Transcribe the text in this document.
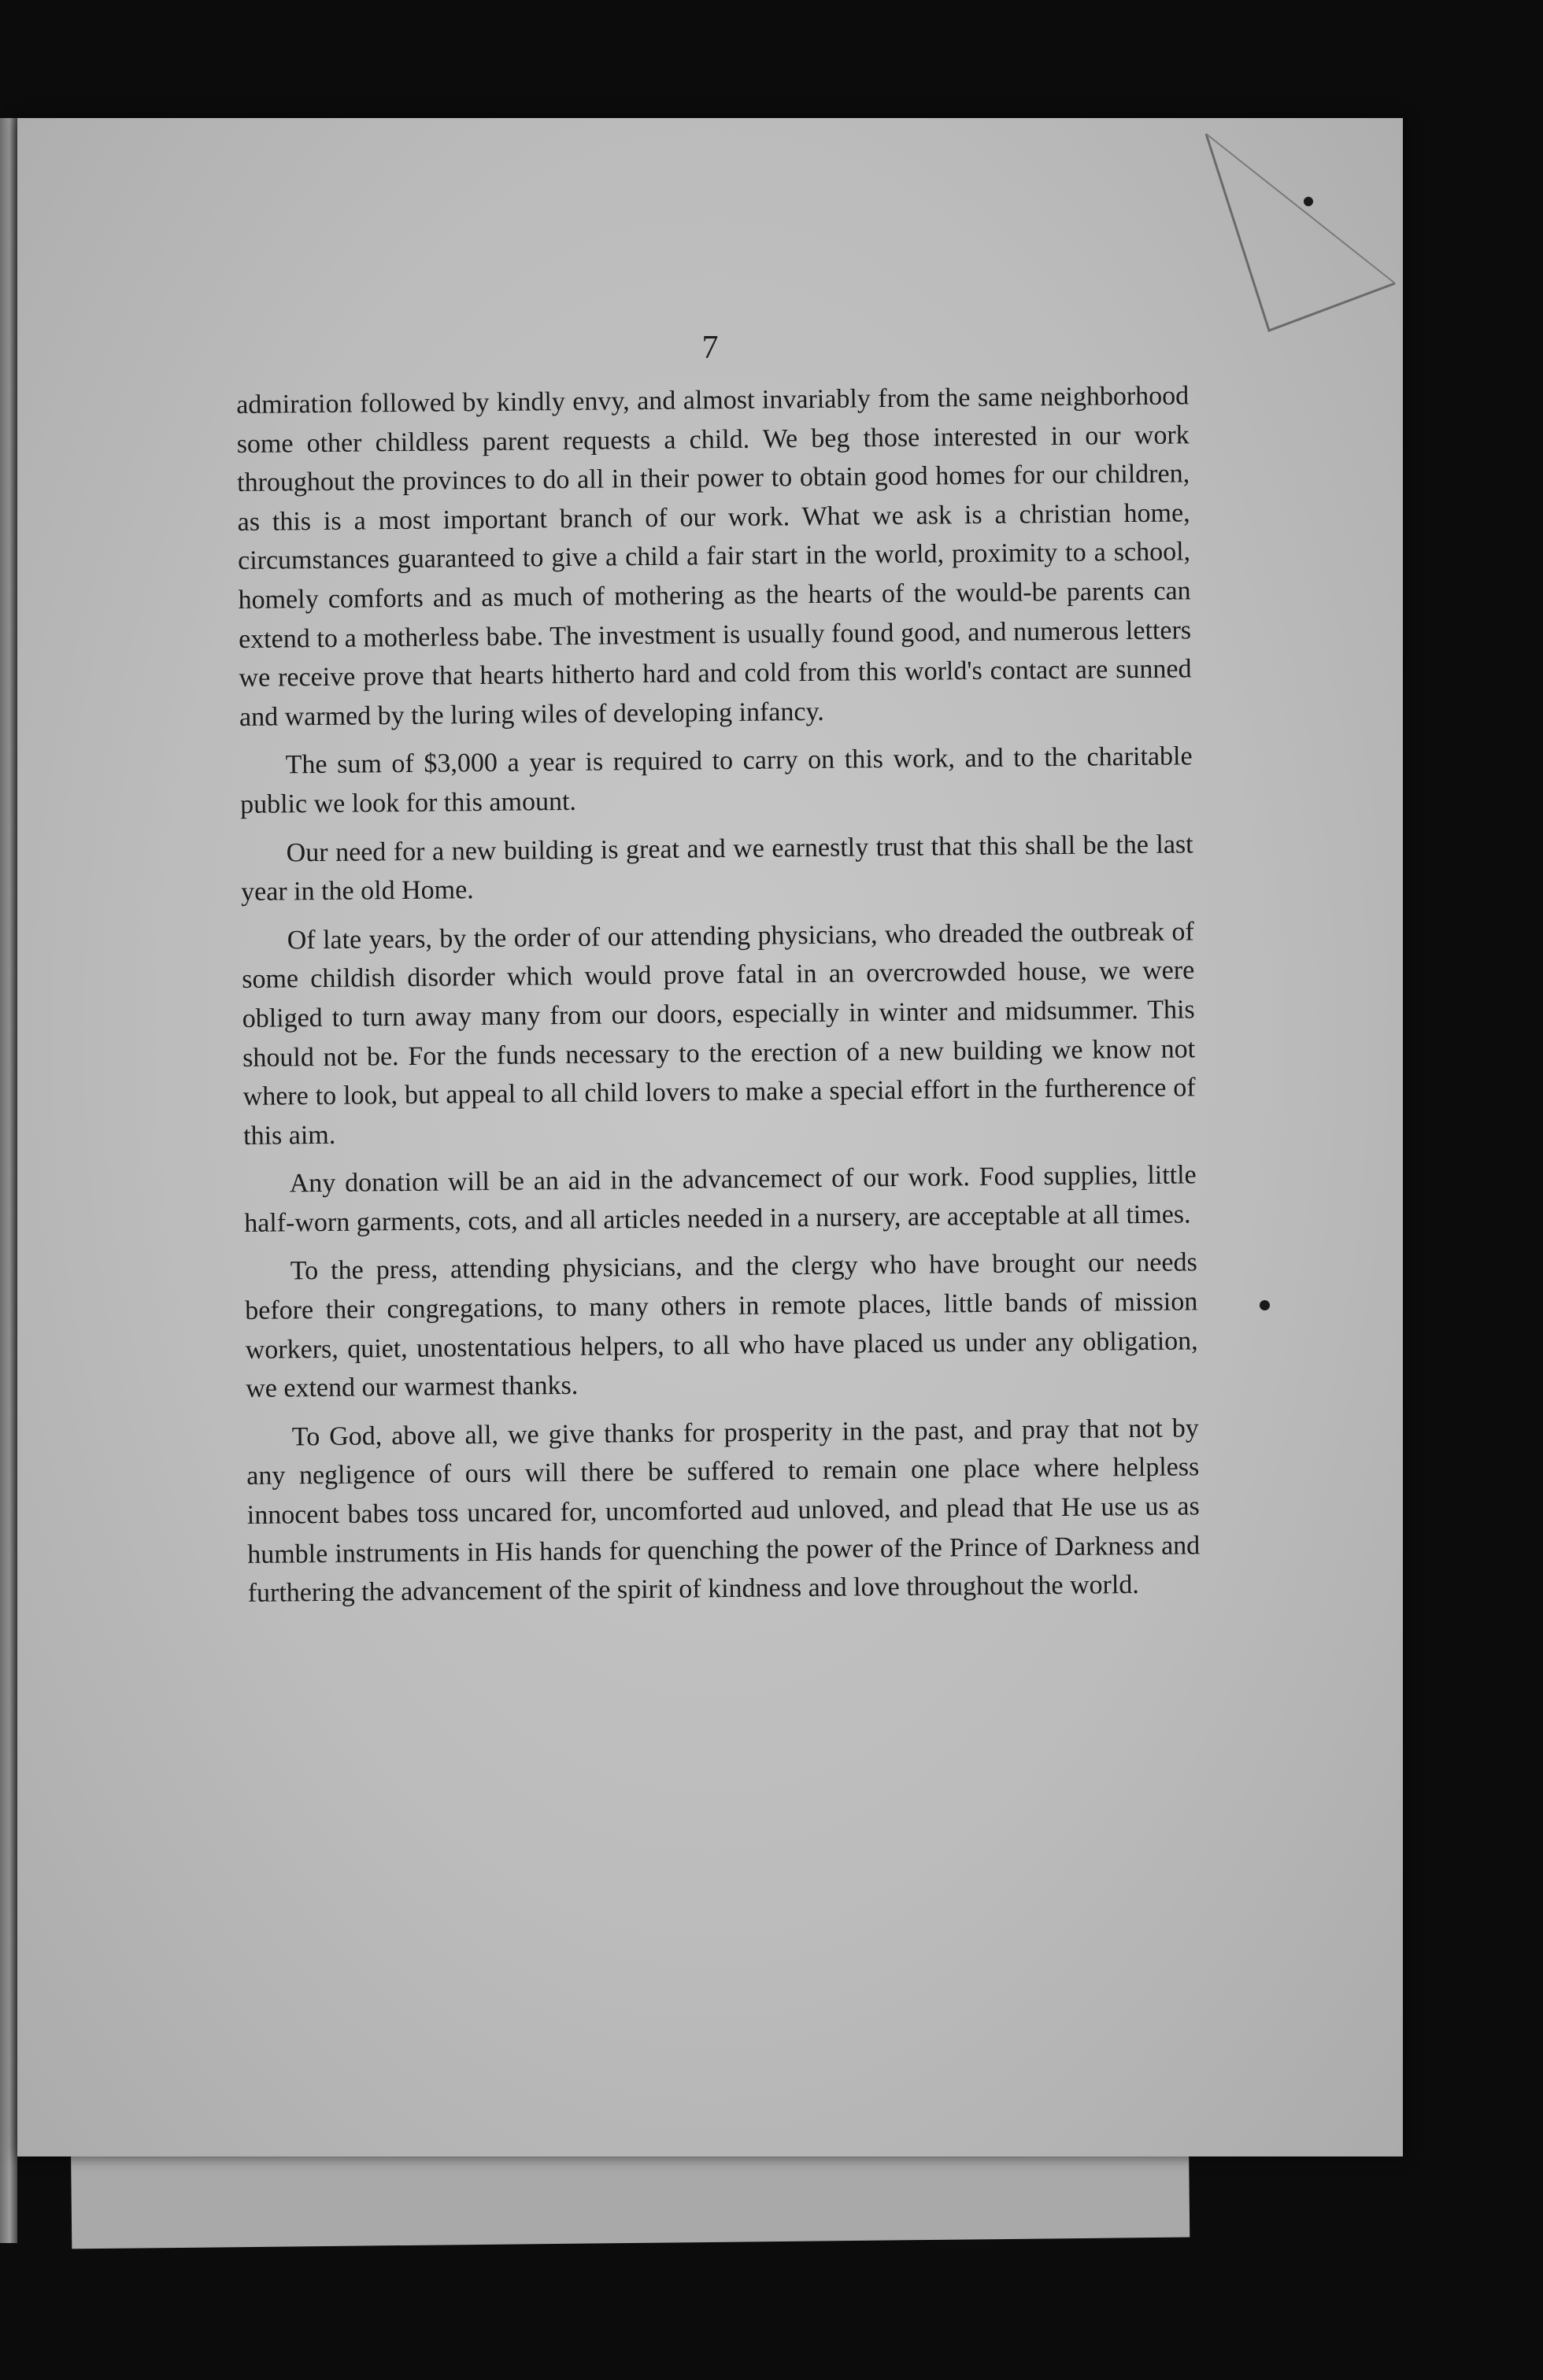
7

admiration followed by kindly envy, and almost invariably from the same neighborhood some other childless parent requests a child. We beg those interested in our work throughout the provinces to do all in their power to obtain good homes for our children, as this is a most important branch of our work. What we ask is a christian home, circumstances guaranteed to give a child a fair start in the world, proximity to a school, homely comforts and as much of mothering as the hearts of the would-be parents can extend to a motherless babe. The investment is usually found good, and numerous letters we receive prove that hearts hitherto hard and cold from this world's contact are sunned and warmed by the luring wiles of developing infancy.

The sum of $3,000 a year is required to carry on this work, and to the charitable public we look for this amount.

Our need for a new building is great and we earnestly trust that this shall be the last year in the old Home.

Of late years, by the order of our attending physicians, who dreaded the outbreak of some childish disorder which would prove fatal in an overcrowded house, we were obliged to turn away many from our doors, especially in winter and midsummer. This should not be. For the funds necessary to the erection of a new building we know not where to look, but appeal to all child lovers to make a special effort in the furtherence of this aim.

Any donation will be an aid in the advancemect of our work. Food supplies, little half-worn garments, cots, and all articles needed in a nursery, are acceptable at all times.

To the press, attending physicians, and the clergy who have brought our needs before their congregations, to many others in remote places, little bands of mission workers, quiet, unostentatious helpers, to all who have placed us under any obligation, we extend our warmest thanks.

To God, above all, we give thanks for prosperity in the past, and pray that not by any negligence of ours will there be suffered to remain one place where helpless innocent babes toss uncared for, uncomforted aud unloved, and plead that He use us as humble instruments in His hands for quenching the power of the Prince of Darkness and furthering the advancement of the spirit of kindness and love throughout the world.
